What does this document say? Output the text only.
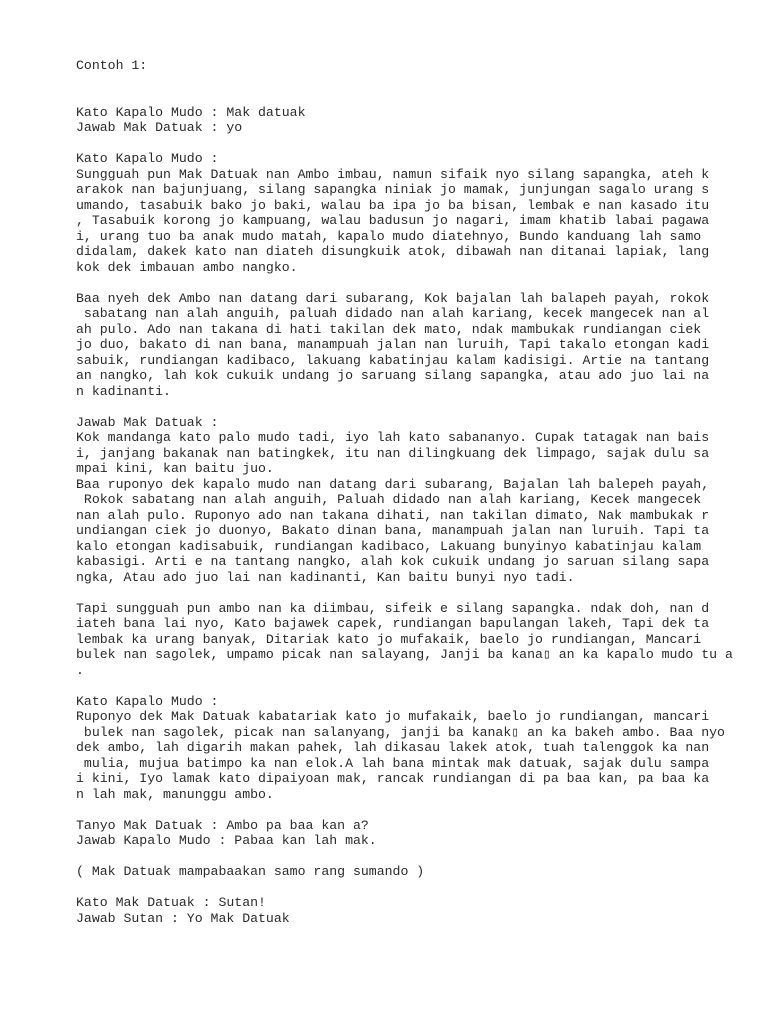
Contoh 1:
Kato Kapalo Mudo : Mak datuak
Jawab Mak Datuak : yo
Kato Kapalo Mudo :
Sungguah pun Mak Datuak nan Ambo imbau, namun sifaik nyo silang sapangka, ateh k
arakok nan bajunjuang, silang sapangka niniak jo mamak, junjungan sagalo urang s
umando, tasabuik bako jo baki, walau ba ipa jo ba bisan, lembak e nan kasado itu
, Tasabuik korong jo kampuang, walau badusun jo nagari, imam khatib labai pagawa
i, urang tuo ba anak mudo matah, kapalo mudo diatehnyo, Bundo kanduang lah samo
didalam, dakek kato nan diateh disungkuik atok, dibawah nan ditanai lapiak, lang
kok dek imbauan ambo nangko.
Baa nyeh dek Ambo nan datang dari subarang, Kok bajalan lah balapeh payah, rokok
sabatang nan alah anguih, paluah didado nan alah kariang, kecek mangecek nan al
ah pulo. Ado nan takana di hati takilan dek mato, ndak mambukak rundiangan ciek
jo duo, bakato di nan bana, manampuah jalan nan luruih, Tapi takalo etongan kadi
sabuik, rundiangan kadibaco, lakuang kabatinjau kalam kadisigi. Artie na tantang
an nangko, lah kok cukuik undang jo saruang silang sapangka, atau ado juo lai na
n kadinanti.
Jawab Mak Datuak :
Kok mandanga kato palo mudo tadi, iyo lah kato sabananyo. Cupak tatagak nan bais
i, janjang bakanak nan batingkek, itu nan dilingkuang dek limpago, sajak dulu sa
mpai kini, kan baitu juo.
Baa ruponyo dek kapalo mudo nan datang dari subarang, Bajalan lah balepeh payah,
Rokok sabatang nan alah anguih, Paluah didado nan alah kariang, Kecek mangecek
nan alah pulo. Ruponyo ado nan takana dihati, nan takilan dimato, Nak mambukak r
undiangan ciek jo duonyo, Bakato dinan bana, manampuah jalan nan luruih. Tapi ta
kalo etongan kadisabuik, rundiangan kadibaco, Lakuang bunyinyo kabatinjau kalam
kabasigi. Arti e na tantang nangko, alah kok cukuik undang jo saruan silang sapa
ngka, Atau ado juo lai nan kadinanti, Kan baitu bunyi nyo tadi.
Tapi sungguah pun ambo nan ka diimbau, sifeik e silang sapangka. ndak doh, nan d
iateh bana lai nyo, Kato bajawek capek, rundiangan bapulangan lakeh, Tapi dek ta
lembak ka urang banyak, Ditariak kato jo mufakaik, baelo jo rundiangan, Mancari
bulek nan sagolek, umpamo picak nan salayang, Janji ba kana▯ an ka kapalo mudo tu a
.
Kato Kapalo Mudo :
Ruponyo dek Mak Datuak kabatariak kato jo mufakaik, baelo jo rundiangan, mancari
bulek nan sagolek, picak nan salanyang, janji ba kanak▯ an ka bakeh ambo. Baa nyo
dek ambo, lah digarih makan pahek, lah dikasau lakek atok, tuah talenggok ka nan
mulia, mujua batimpo ka nan elok.A lah bana mintak mak datuak, sajak dulu sampa
i kini, Iyo lamak kato dipaiyoan mak, rancak rundiangan di pa baa kan, pa baa ka
n lah mak, manunggu ambo.
Tanyo Mak Datuak : Ambo pa baa kan a?
Jawab Kapalo Mudo : Pabaa kan lah mak.
( Mak Datuak mampabaakan samo rang sumando )
Kato Mak Datuak : Sutan!
Jawab Sutan : Yo Mak Datuak
